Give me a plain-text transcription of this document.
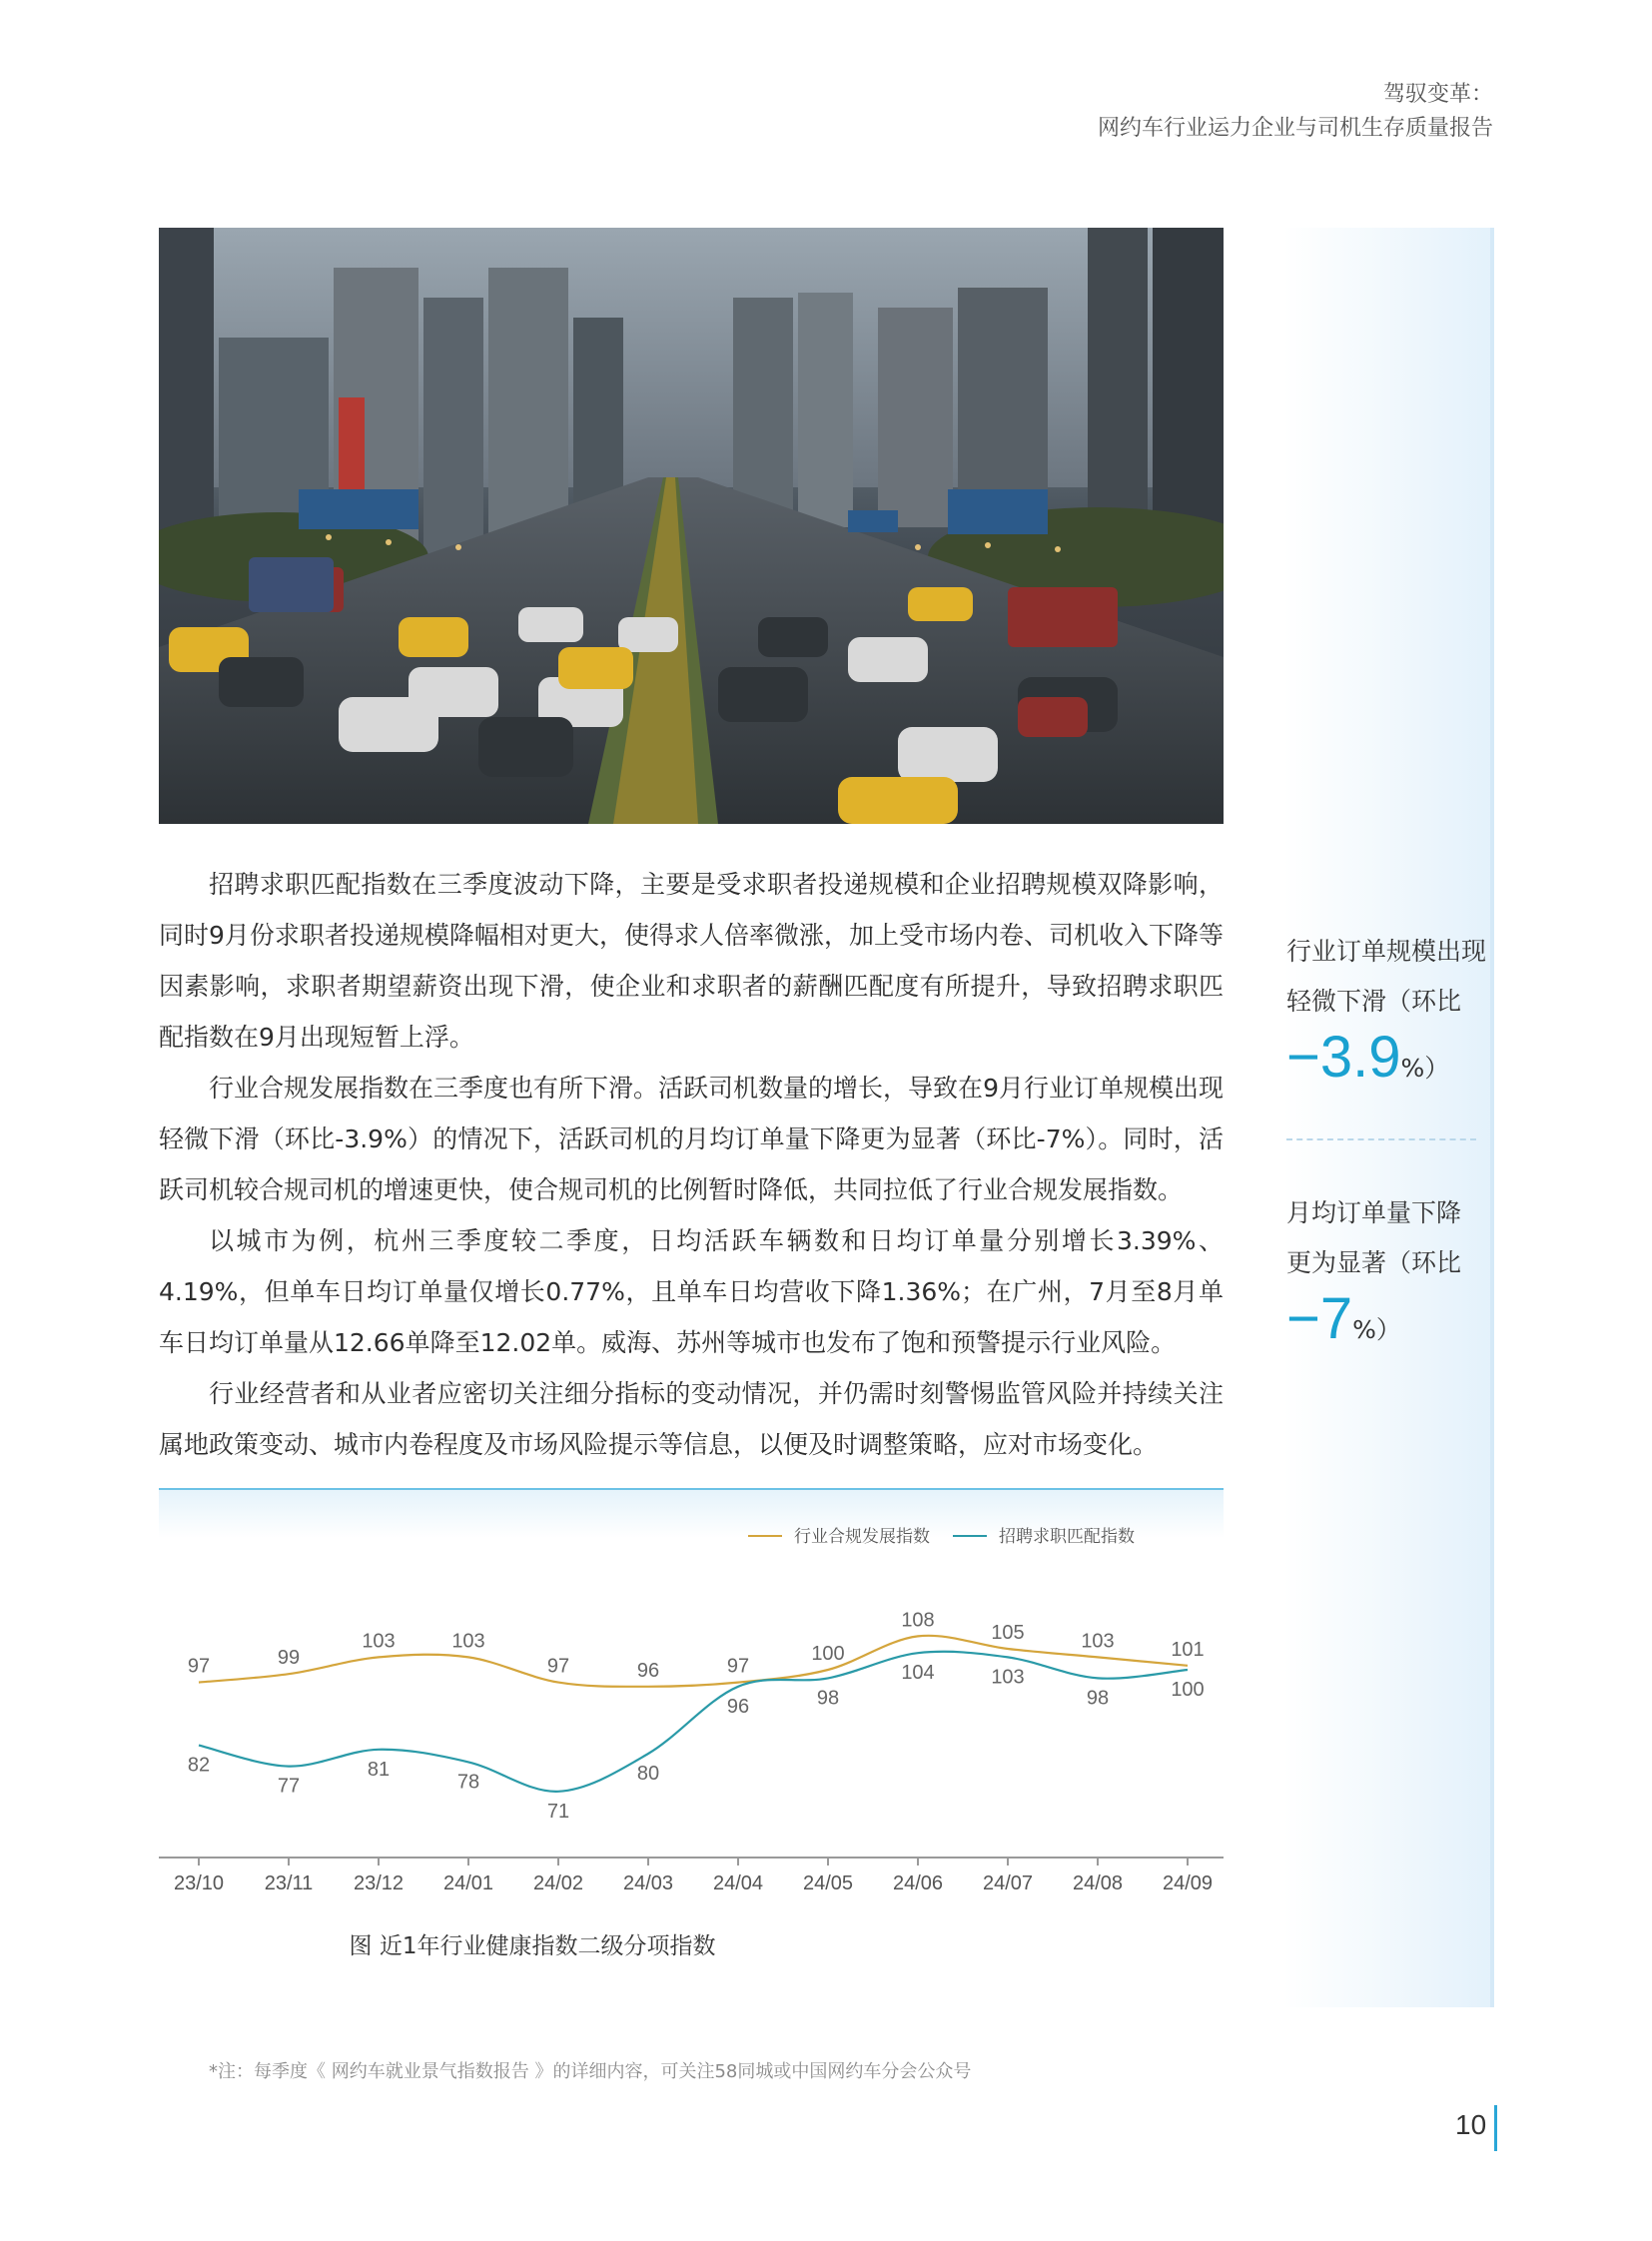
驾驭变革：
网约车行业运力企业与司机生存质量报告
行业订单规模出现
轻微下滑（环比
−3.9%）
月均订单量下降
更为显著（环比
−7%）

招聘求职匹配指数在三季度波动下降，主要是受求职者投递规模和企业招聘规模双降影响，同时9月份求职者投递规模降幅相对更大，使得求人倍率微涨，加上受市场内卷、司机收入下降等因素影响，求职者期望薪资出现下滑，使企业和求职者的薪酬匹配度有所提升，导致招聘求职匹配指数在9月出现短暂上浮。

行业合规发展指数在三季度也有所下滑。活跃司机数量的增长，导致在9月行业订单规模出现轻微下滑（环比-3.9%）的情况下，活跃司机的月均订单量下降更为显著（环比-7%）。同时，活跃司机较合规司机的增速更快，使合规司机的比例暂时降低，共同拉低了行业合规发展指数。

以城市为例，杭州三季度较二季度，日均活跃车辆数和日均订单量分别增长3.39%、4.19%，但单车日均订单量仅增长0.77%，且单车日均营收下降1.36%；在广州，7月至8月单车日均订单量从12.66单降至12.02单。威海、苏州等城市也发布了饱和预警提示行业风险。

行业经营者和从业者应密切关注细分指标的变动情况，并仍需时刻警惕监管风险并持续关注属地政策变动、城市内卷程度及市场风险提示等信息，以便及时调整策略，应对市场变化。

行业合规发展指数	招聘求职匹配指数
23/10 23/11 23/12 24/01 24/02 24/03 24/04 24/05 24/06 24/07 24/08 24/09
97	99
103	103
97	96	97
100
108
105	103	101
82
77
81
78
71
80
96	98
104	103
98	100
图 近1年行业健康指数二级分项指数
*注：每季度《 网约车就业景气指数报告 》的详细内容，可关注58同城或中国网约车分会公众号
10
